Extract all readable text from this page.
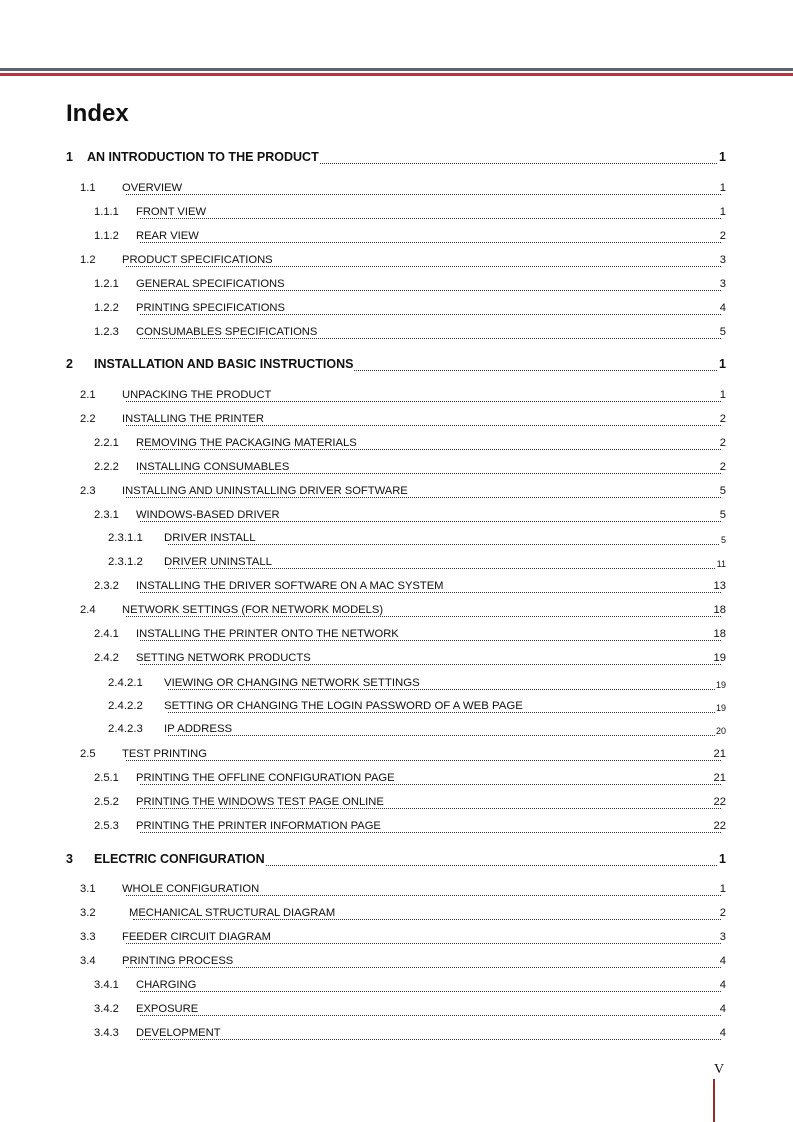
Index
1 AN INTRODUCTION TO THE PRODUCT	1
1.1 OVERVIEW	1
1.1.1 FRONT VIEW	1
1.1.2 REAR VIEW	2
1.2 PRODUCT SPECIFICATIONS	3
1.2.1 GENERAL SPECIFICATIONS	3
1.2.2 PRINTING SPECIFICATIONS	4
1.2.3 CONSUMABLES SPECIFICATIONS	5
2 INSTALLATION AND BASIC INSTRUCTIONS	1
2.1 UNPACKING THE PRODUCT	1
2.2 INSTALLING THE PRINTER	2
2.2.1 REMOVING THE PACKAGING MATERIALS	2
2.2.2 INSTALLING CONSUMABLES	2
2.3 INSTALLING AND UNINSTALLING DRIVER SOFTWARE	5
2.3.1 WINDOWS-BASED DRIVER	5
2.3.1.1 DRIVER INSTALL	5
2.3.1.2 DRIVER UNINSTALL	11
2.3.2 INSTALLING THE DRIVER SOFTWARE ON A MAC SYSTEM	13
2.4 NETWORK SETTINGS (FOR NETWORK MODELS)	18
2.4.1 INSTALLING THE PRINTER ONTO THE NETWORK	18
2.4.2 SETTING NETWORK PRODUCTS	19
2.4.2.1 VIEWING OR CHANGING NETWORK SETTINGS	19
2.4.2.2 SETTING OR CHANGING THE LOGIN PASSWORD OF A WEB PAGE	19
2.4.2.3 IP ADDRESS	20
2.5 TEST PRINTING	21
2.5.1 PRINTING THE OFFLINE CONFIGURATION PAGE	21
2.5.2 PRINTING THE WINDOWS TEST PAGE ONLINE	22
2.5.3 PRINTING THE PRINTER INFORMATION PAGE	22
3 ELECTRIC CONFIGURATION	1
3.1 WHOLE CONFIGURATION	1
3.2	MECHANICAL STRUCTURAL DIAGRAM	2
3.3 FEEDER CIRCUIT DIAGRAM	3
3.4 PRINTING PROCESS	4
3.4.1 CHARGING	4
3.4.2 EXPOSURE	4
3.4.3 DEVELOPMENT	4
V
